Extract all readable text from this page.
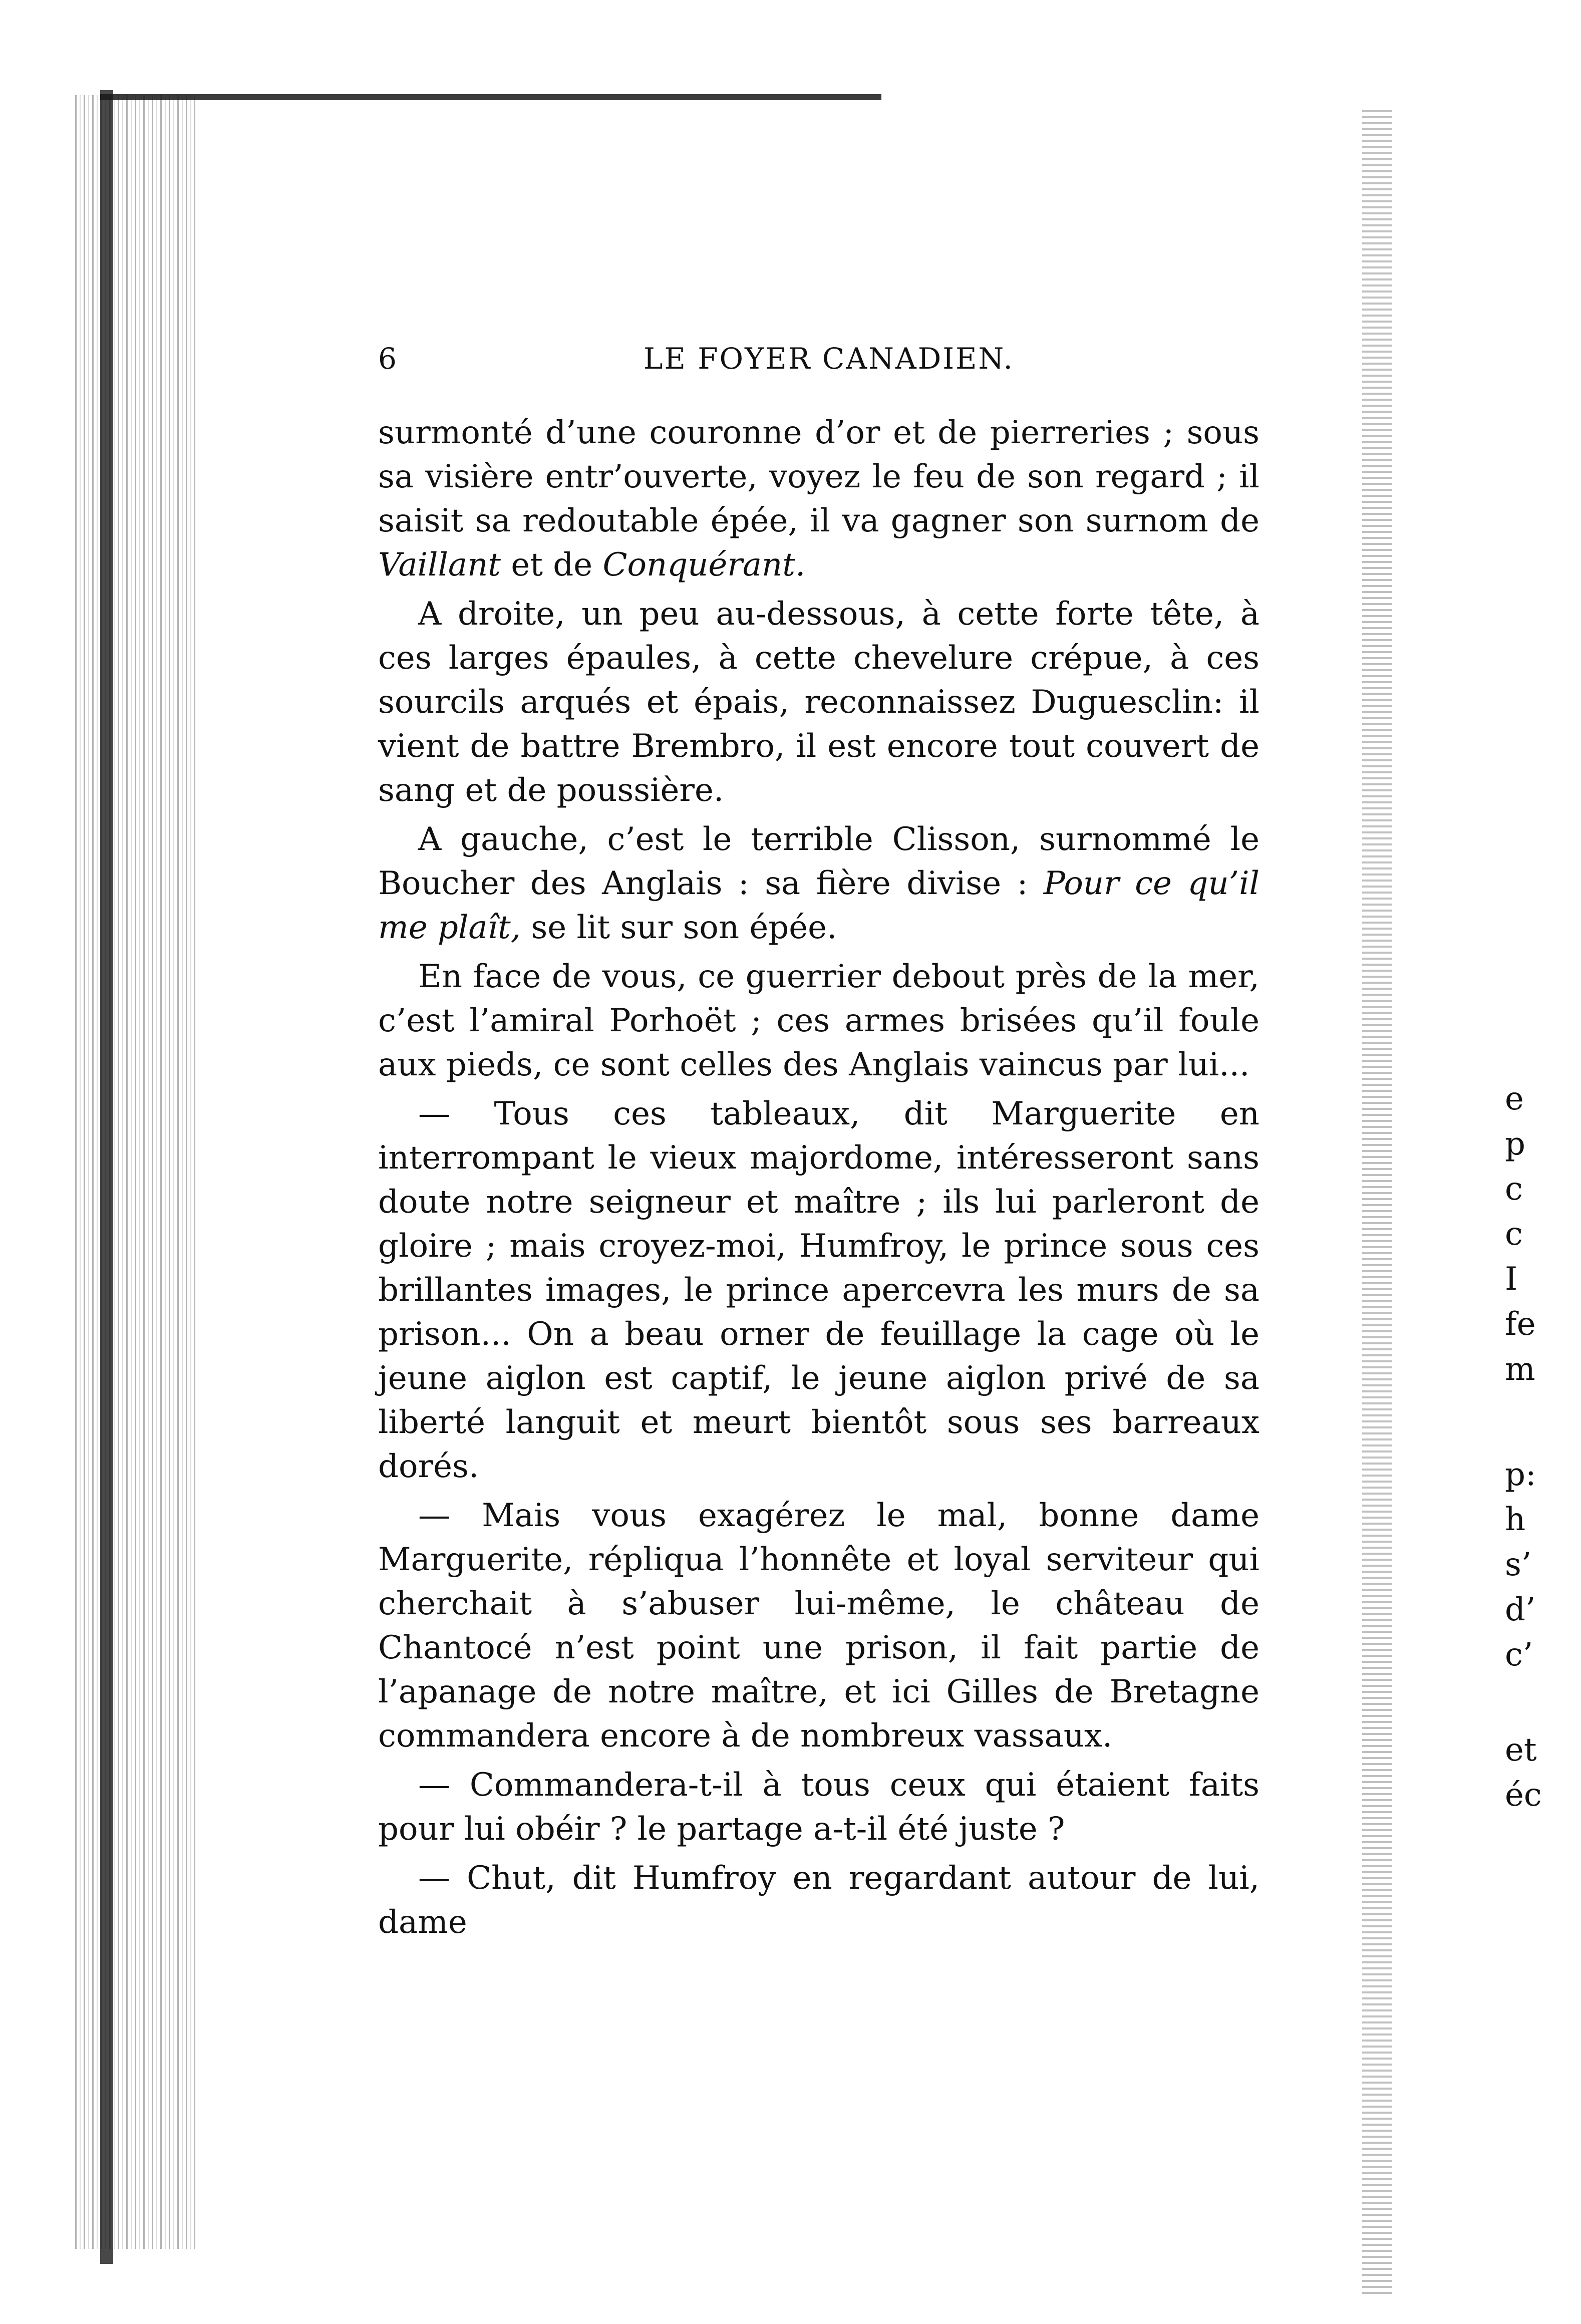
6	LE FOYER CANADIEN.

surmonté d’une couronne d’or et de pierreries ; sous sa visière entr’ouverte, voyez le feu de son regard ; il saisit sa redoutable épée, il va gagner son surnom de Vaillant et de Conquérant.

A droite, un peu au-dessous, à cette forte tête, à ces larges épaules, à cette chevelure crépue, à ces sourcils arqués et épais, reconnaissez Duguesclin: il vient de battre Brembro, il est encore tout couvert de sang et de poussière.

A gauche, c’est le terrible Clisson, surnommé le Boucher des Anglais : sa fière divise : Pour ce qu’il me plaît, se lit sur son épée.

En face de vous, ce guerrier debout près de la mer, c’est l’amiral Porhoët ; ces armes brisées qu’il foule aux pieds, ce sont celles des Anglais vaincus par lui...

— Tous ces tableaux, dit Marguerite en interrompant le vieux majordome, intéresseront sans doute notre seigneur et maître ; ils lui parleront de gloire ; mais croyez-moi, Humfroy, le prince sous ces brillantes images, le prince apercevra les murs de sa prison... On a beau orner de feuillage la cage où le jeune aiglon est captif, le jeune aiglon privé de sa liberté languit et meurt bientôt sous ses barreaux dorés.

— Mais vous exagérez le mal, bonne dame Marguerite, répliqua l’honnête et loyal serviteur qui cherchait à s’abuser lui-même, le château de Chantocé n’est point une prison, il fait partie de l’apanage de notre maître, et ici Gilles de Bretagne commandera encore à de nombreux vassaux.

— Commandera-t-il à tous ceux qui étaient faits pour lui obéir ? le partage a-t-il été juste ?

— Chut, dit Humfroy en regardant autour de lui, dame

e
p
c
c
I
fe
m
p:
h
s’
d’
c’
et
éc
